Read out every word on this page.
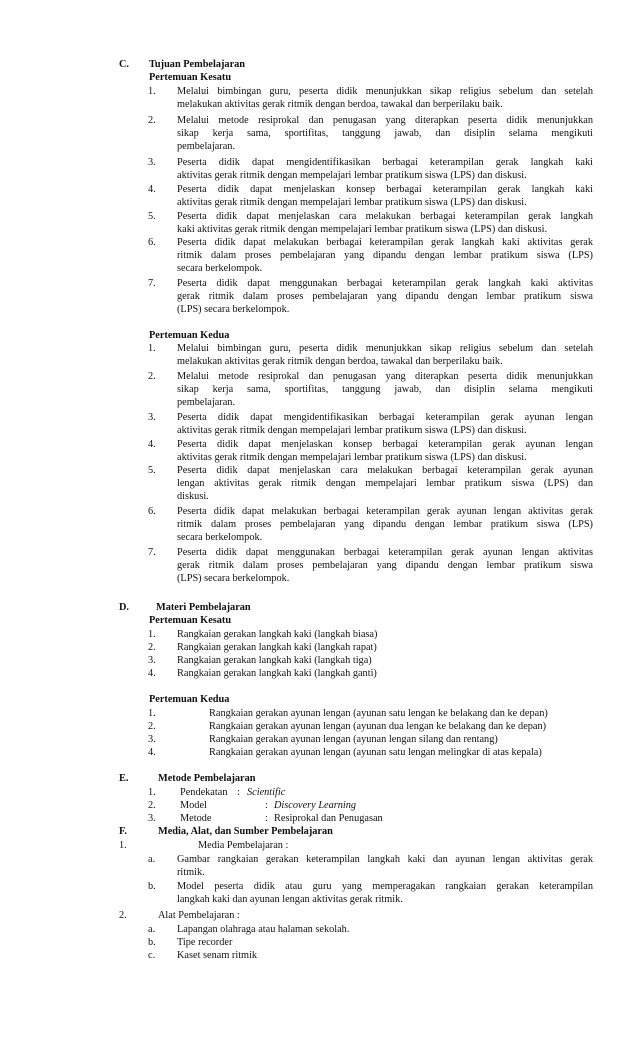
C. Tujuan Pembelajaran
Pertemuan Kesatu
1. Melalui bimbingan guru, peserta didik menunjukkan sikap religius sebelum dan setelah
melakukan aktivitas gerak ritmik dengan berdoa, tawakal dan berperilaku baik.
2. Melalui metode resiprokal dan penugasan yang diterapkan peserta didik menunjukkan
sikap kerja sama, sportifitas, tanggung jawab, dan disiplin selama mengikuti
pembelajaran.
3. Peserta didik dapat mengidentifikasikan berbagai keterampilan gerak langkah kaki
aktivitas gerak ritmik dengan mempelajari lembar pratikum siswa (LPS) dan diskusi.
4. Peserta didik dapat menjelaskan konsep berbagai keterampilan gerak langkah kaki
aktivitas gerak ritmik dengan mempelajari lembar pratikum siswa (LPS) dan diskusi.
5. Peserta didik dapat menjelaskan cara melakukan berbagai keterampilan gerak langkah
kaki aktivitas gerak ritmik dengan mempelajari lembar pratikum siswa (LPS) dan diskusi.
6. Peserta didik dapat melakukan berbagai keterampilan gerak langkah kaki aktivitas gerak
ritmik dalam proses pembelajaran yang dipandu dengan lembar pratikum siswa (LPS)
secara berkelompok.
7. Peserta didik dapat menggunakan berbagai keterampilan gerak langkah kaki aktivitas
gerak ritmik dalam proses pembelajaran yang dipandu dengan lembar pratikum siswa
(LPS) secara berkelompok.
Pertemuan Kedua
1. Melalui bimbingan guru, peserta didik menunjukkan sikap religius sebelum dan setelah
melakukan aktivitas gerak ritmik dengan berdoa, tawakal dan berperilaku baik.
2. Melalui metode resiprokal dan penugasan yang diterapkan peserta didik menunjukkan
sikap kerja sama, sportifitas, tanggung jawab, dan disiplin selama mengikuti
pembelajaran.
3. Peserta didik dapat mengidentifikasikan berbagai keterampilan gerak ayunan lengan
aktivitas gerak ritmik dengan mempelajari lembar pratikum siswa (LPS) dan diskusi.
4. Peserta didik dapat menjelaskan konsep berbagai keterampilan gerak ayunan lengan
aktivitas gerak ritmik dengan mempelajari lembar pratikum siswa (LPS) dan diskusi.
5. Peserta didik dapat menjelaskan cara melakukan berbagai keterampilan gerak ayunan
lengan aktivitas gerak ritmik dengan mempelajari lembar pratikum siswa (LPS) dan
diskusi.
6. Peserta didik dapat melakukan berbagai keterampilan gerak ayunan lengan aktivitas gerak
ritmik dalam proses pembelajaran yang dipandu dengan lembar pratikum siswa (LPS)
secara berkelompok.
7. Peserta didik dapat menggunakan berbagai keterampilan gerak ayunan lengan aktivitas
gerak ritmik dalam proses pembelajaran yang dipandu dengan lembar pratikum siswa
(LPS) secara berkelompok.
D.	Materi Pembelajaran
Pertemuan Kesatu
1. Rangkaian gerakan langkah kaki (langkah biasa)
2. Rangkaian gerakan langkah kaki (langkah rapat)
3. Rangkaian gerakan langkah kaki (langkah tiga)
4. Rangkaian gerakan langkah kaki (langkah ganti)
Pertemuan Kedua
1.	Rangkaian gerakan ayunan lengan (ayunan satu lengan ke belakang dan ke depan)
2.	Rangkaian gerakan ayunan lengan (ayunan dua lengan ke belakang dan ke depan)
3.	Rangkaian gerakan ayunan lengan (ayunan lengan silang dan rentang)
4.	Rangkaian gerakan ayunan lengan (ayunan satu lengan melingkar di atas kepala)
E.	Metode Pembelajaran
1. Pendekatan : Scientific
2. Model	: Discovery Learning
3. Metode	: Resiprokal dan Penugasan
F.	Media, Alat, dan Sumber Pembelajaran
1.	Media Pembelajaran :
a. Gambar rangkaian gerakan keterampilan langkah kaki dan ayunan lengan aktivitas gerak
ritmik.
b. Model peserta didik atau guru yang memperagakan rangkaian gerakan keterampilan
langkah kaki dan ayunan lengan aktivitas gerak ritmik.
2.	Alat Pembelajaran :
a. Lapangan olahraga atau halaman sekolah.
b. Tipe recorder
c. Kaset senam ritmik
